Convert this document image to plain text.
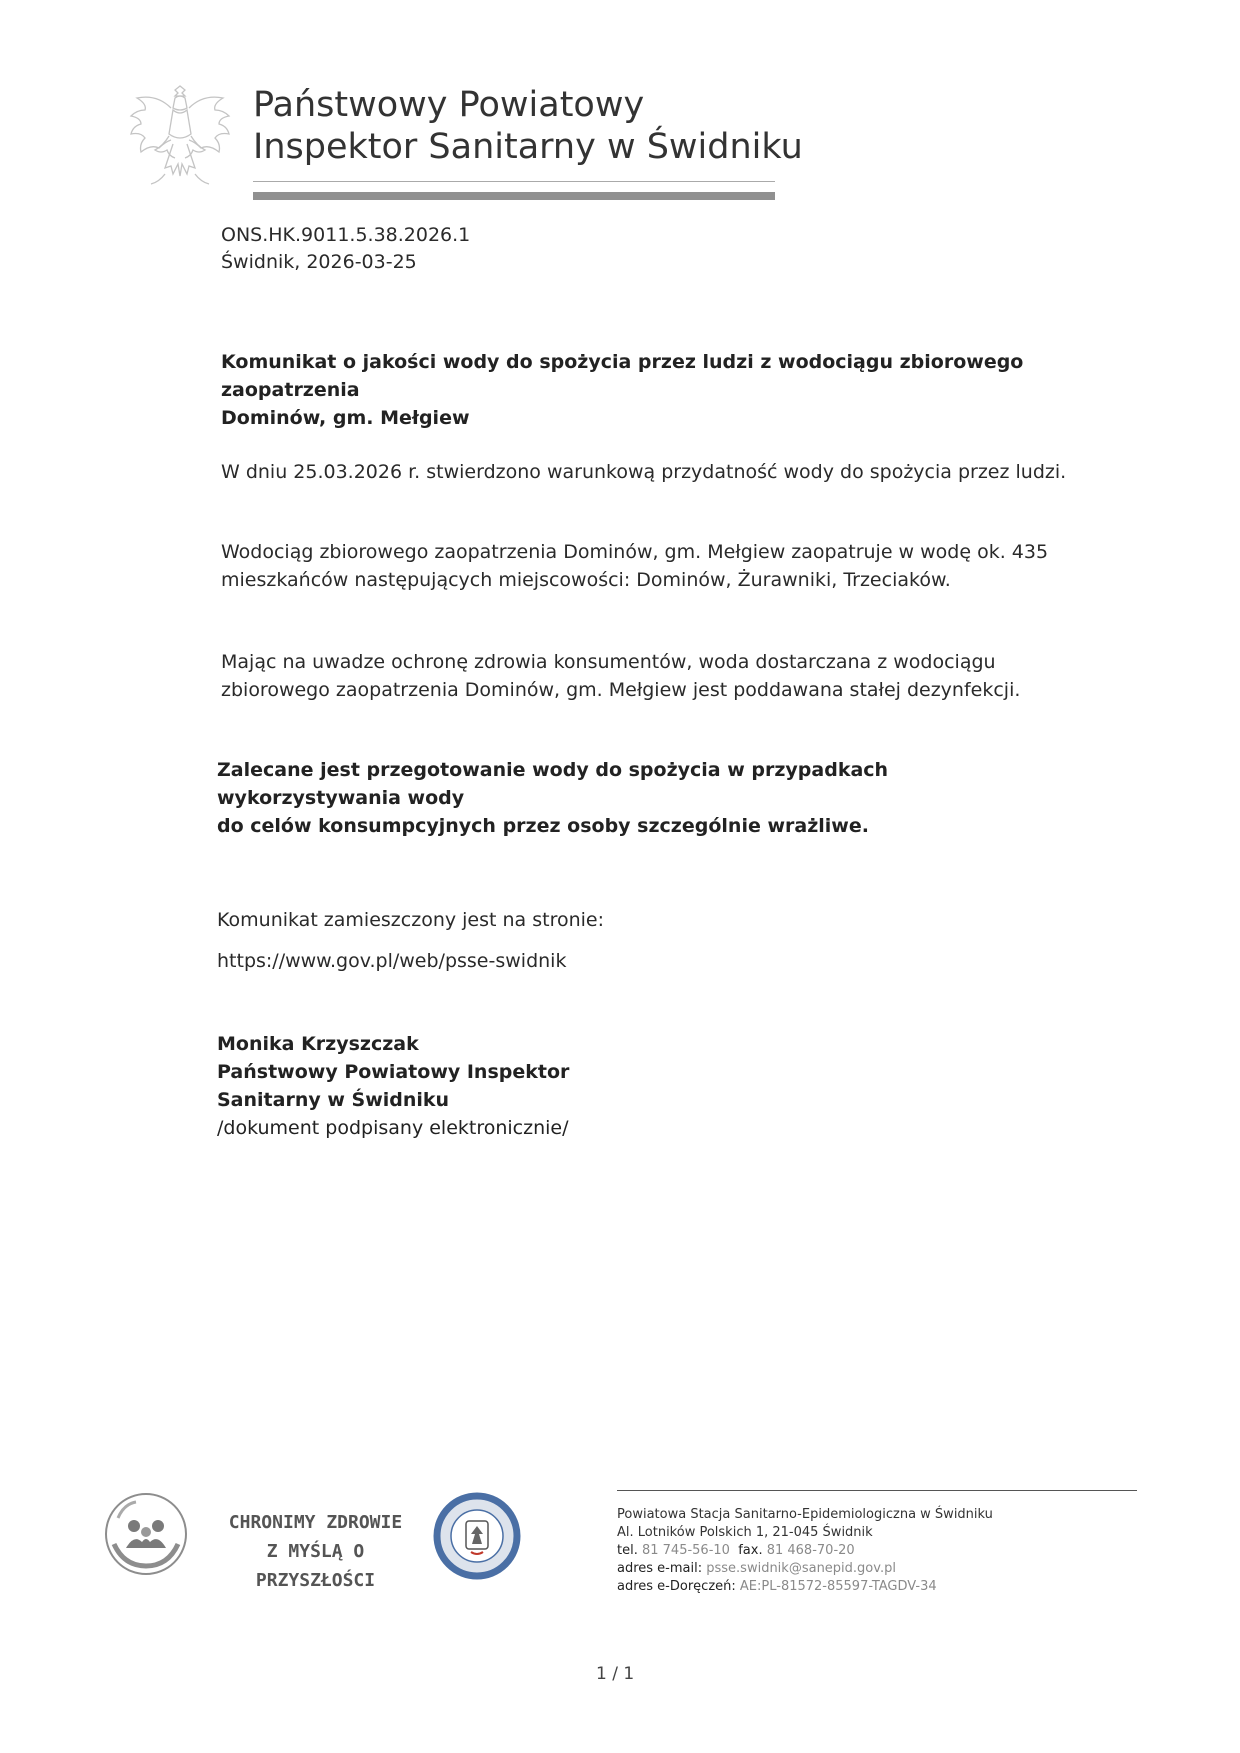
Państwowy Powiatowy
Inspektor Sanitarny w Świdniku
ONS.HK.9011.5.38.2026.1
Świdnik, 2026-03-25
Komunikat o jakości wody do spożycia przez ludzi z wodociągu zbiorowego zaopatrzenia
Dominów, gm. Mełgiew

W dniu 25.03.2026 r. stwierdzono warunkową przydatność wody do spożycia przez ludzi.

Wodociąg zbiorowego zaopatrzenia Dominów, gm. Mełgiew zaopatruje w wodę ok. 435
mieszkańców następujących miejscowości: Dominów, Żurawniki, Trzeciaków.

Mając na uwadze ochronę zdrowia konsumentów, woda dostarczana z wodociągu
zbiorowego zaopatrzenia Dominów, gm. Mełgiew jest poddawana stałej dezynfekcji.

Zalecane jest przegotowanie wody do spożycia w przypadkach wykorzystywania wody
do celów konsumpcyjnych przez osoby szczególnie wrażliwe.

Komunikat zamieszczony jest na stronie:

https://www.gov.pl/web/psse-swidnik

Monika Krzyszczak
Państwowy Powiatowy Inspektor
Sanitarny w Świdniku
/dokument podpisany elektronicznie/
CHRONIMY ZDROWIE
Z MYŚLĄ O PRZYSZŁOŚCI
Powiatowa Stacja Sanitarno-Epidemiologiczna w Świdniku
Al. Lotników Polskich 1, 21-045 Świdnik
tel. 81 745-56-10 fax. 81 468-70-20
adres e-mail: psse.swidnik@sanepid.gov.pl
adres e-Doręczeń: AE:PL-81572-85597-TAGDV-34
1 / 1
